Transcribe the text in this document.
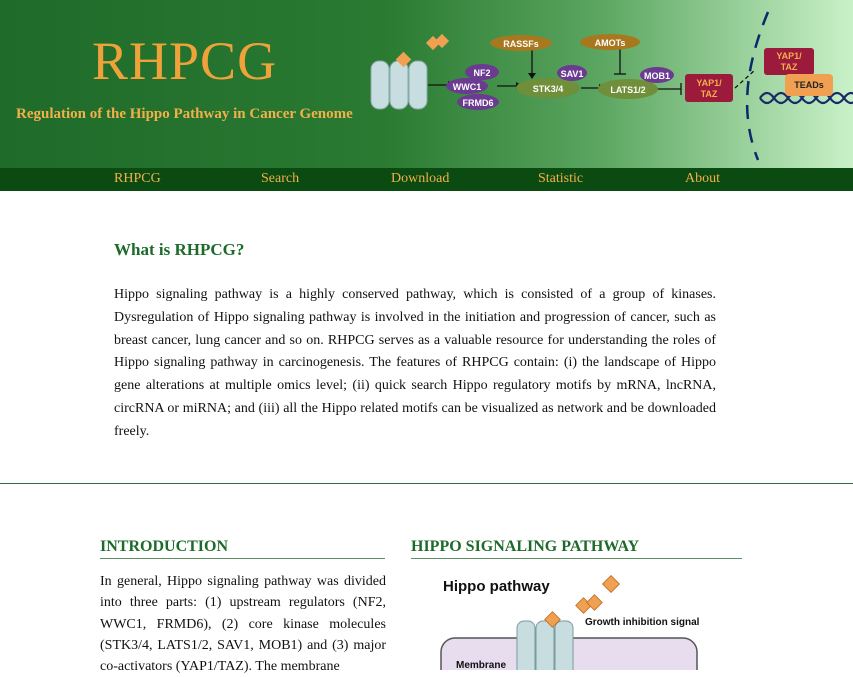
NF2
WWC1
FRMD6
RASSFs
STK3/4
SAV1
AMOTs
LATS1/2
MOB1
YAP1/
TAZ
YAP1/
TAZ
TEADs
RHPCG
Regulation of the Hippo Pathway in Cancer Genome
RHPCG	Search	Download	Statistic	About
What is RHPCG?

Hippo signaling pathway is a highly conserved pathway, which is consisted of a group of kinases. Dysregulation of Hippo signaling pathway is involved in the initiation and progression of cancer, such as breast cancer, lung cancer and so on. RHPCG serves as a valuable resource for understanding the roles of Hippo signaling pathway in carcinogenesis. The features of RHPCG contain: (i) the landscape of Hippo gene alterations at multiple omics level; (ii) quick search Hippo regulatory motifs by mRNA, lncRNA, circRNA or miRNA; and (iii) all the Hippo related motifs can be visualized as network and be downloaded freely.

INTRODUCTION	HIPPO SIGNALING PATHWAY

In general, Hippo signaling pathway was divided into three parts: (1) upstream regulators (NF2, WWC1, FRMD6), (2) core kinase molecules (STK3/4, LATS1/2, SAV1, MOB1) and (3) major co-activators (YAP1/TAZ). The membrane

Hippo pathway
Membrane
Growth inhibition signal
